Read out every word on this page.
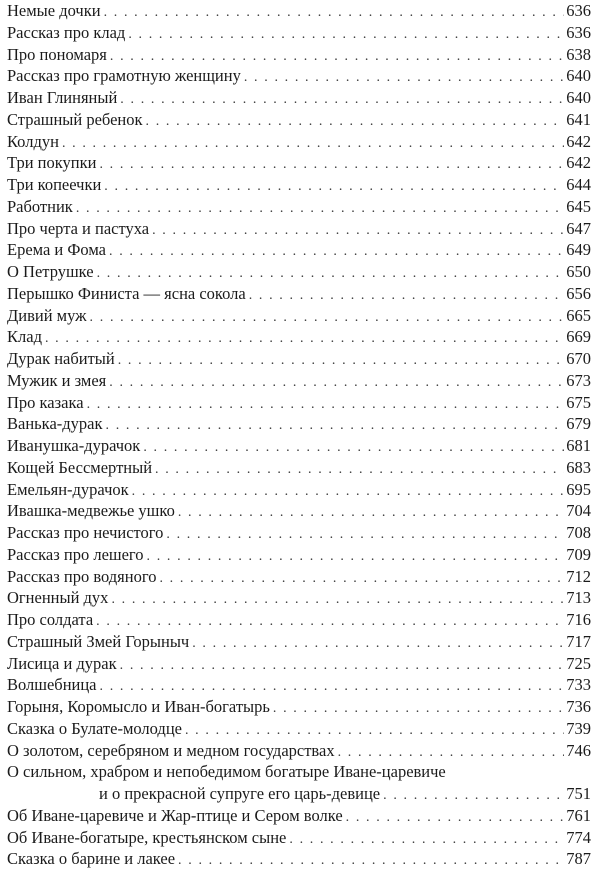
Немые дочки . . .	636
Рассказ про клад . . .	636
Про пономаря . . .	638
Рассказ про грамотную женщину . . .	640
Иван Глиняный . . .	640
Страшный ребенок . . .	641
Колдун . . .	642
Три покупки . . .	642
Три копеечки . . .	644
Работник . . .	645
Про черта и пастуха . . .	647
Ерема и Фома . . .	649
О Петрушке . . .	650
Перышко Финиста — ясна сокола . . .	656
Дивий муж . . .	665
Клад . . .	669
Дурак набитый . . .	670
Мужик и змея . . .	673
Про казака . . .	675
Ванька-дурак . . .	679
Иванушка-дурачок . . .	681
Кощей Бессмертный . . .	683
Емельян-дурачок . . .	695
Ивашка-медвежье ушко . . .	704
Рассказ про нечистого . . .	708
Рассказ про лешего . . .	709
Рассказ про водяного . . .	712
Огненный дух . . .	713
Про солдата . . .	716
Страшный Змей Горыныч . . .	717
Лисица и дурак . . .	725
Волшебница . . .	733
Горыня, Коромысло и Иван-богатырь . . .	736
Сказка о Булате-молодце . . .	739
О золотом, серебряном и медном государствах . . .	746
О сильном, храбром и непобедимом богатыре Иване-царевиче
и о прекрасной супруге его царь-девице . . .	751
Об Иване-царевиче и Жар-птице и Сером волке . . .	761
Об Иване-богатыре, крестьянском сыне . . .	774
Сказка о барине и лакее . . .	787
